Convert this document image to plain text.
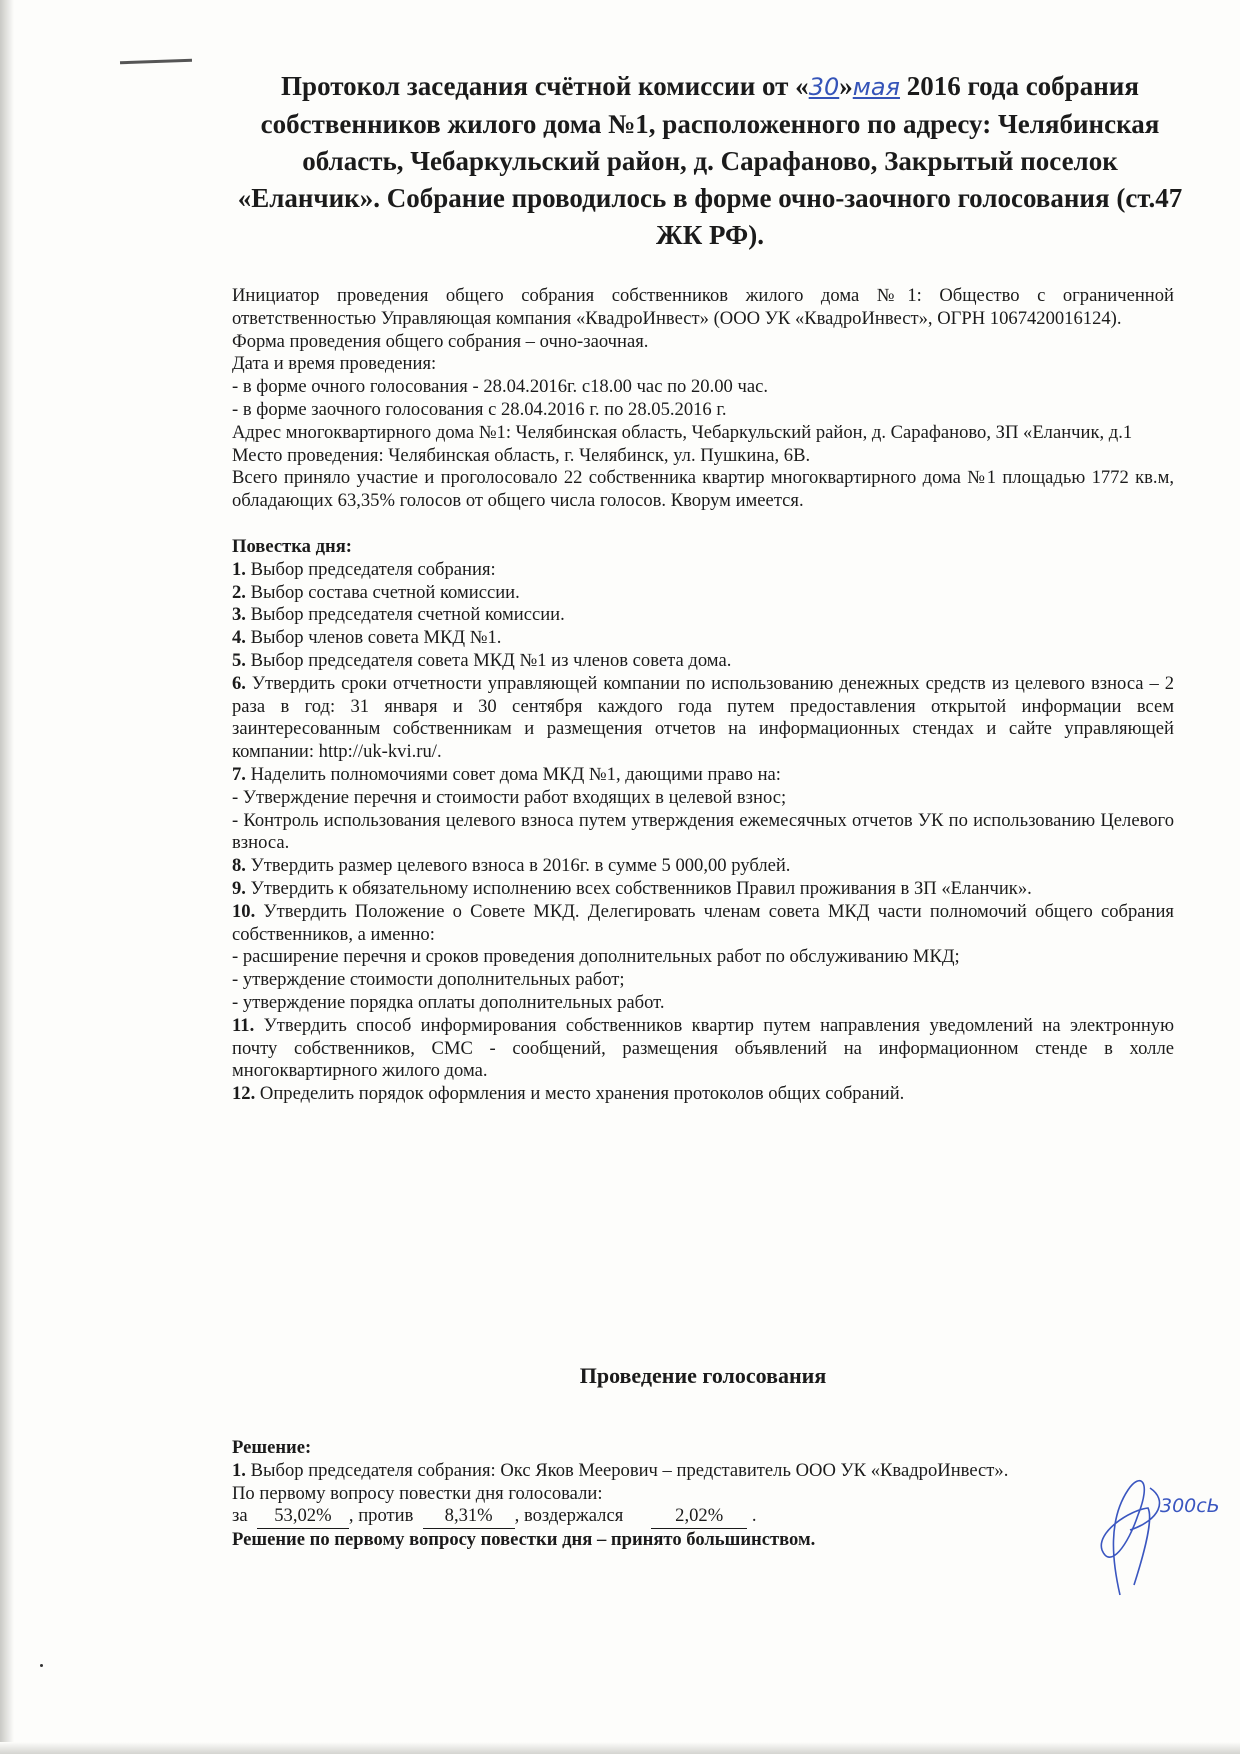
Протокол заседания счётной комиссии от «30»мая 2016 года собрания собственников жилого дома №1, расположенного по адресу: Челябинская область, Чебаркульский район, д. Сарафаново, Закрытый поселок «Еланчик». Собрание проводилось в форме очно-заочного голосования (ст.47 ЖК РФ).

Инициатор проведения общего собрания собственников жилого дома №1: Общество с ограниченной ответственностью Управляющая компания «КвадроИнвест» (ООО УК «КвадроИнвест», ОГРН 1067420016124).

Форма проведения общего собрания – очно-заочная.

Дата и время проведения:

- в форме очного голосования - 28.04.2016г. с18.00 час по 20.00 час.

- в форме заочного голосования с 28.04.2016 г. по 28.05.2016 г.

Адрес многоквартирного дома №1: Челябинская область, Чебаркульский район, д. Сарафаново, ЗП «Еланчик, д.1

Место проведения: Челябинская область, г. Челябинск, ул. Пушкина, 6В.

Всего приняло участие и проголосовало 22 собственника квартир многоквартирного дома №1 площадью 1772 кв.м, обладающих 63,35% голосов от общего числа голосов. Кворум имеется.

Повестка дня:

1. Выбор председателя собрания:

2. Выбор состава счетной комиссии.

3. Выбор председателя счетной комиссии.

4. Выбор членов совета МКД №1.

5. Выбор председателя совета МКД №1 из членов совета дома.

6. Утвердить сроки отчетности управляющей компании по использованию денежных средств из целевого взноса – 2 раза в год: 31 января и 30 сентября каждого года путем предоставления открытой информации всем заинтересованным собственникам и размещения отчетов на информационных стендах и сайте управляющей компании: http://uk-kvi.ru/.

7. Наделить полномочиями совет дома МКД №1, дающими право на:

- Утверждение перечня и стоимости работ входящих в целевой взнос;

- Контроль использования целевого взноса путем утверждения ежемесячных отчетов УК по использованию Целевого взноса.

8. Утвердить размер целевого взноса в 2016г. в сумме 5 000,00 рублей.

9. Утвердить к обязательному исполнению всех собственников Правил проживания в ЗП «Еланчик».

10. Утвердить Положение о Совете МКД. Делегировать членам совета МКД части полномочий общего собрания собственников, а именно:

- расширение перечня и сроков проведения дополнительных работ по обслуживанию МКД;

- утверждение стоимости дополнительных работ;

- утверждение порядка оплаты дополнительных работ.

11. Утвердить способ информирования собственников квартир путем направления уведомлений на электронную почту собственников, СМС - сообщений, размещения объявлений на информационном стенде в холле многоквартирного жилого дома.

12. Определить порядок оформления и место хранения протоколов общих собраний.

Проведение голосования

Решение:

1. Выбор председателя собрания: Окс Яков Меерович – представитель ООО УК «КвадроИнвест».

По первому вопросу повестки дня голосовали:

за 53,02% , против 8,31% , воздержался	2,02% .

Решение по первому вопросу повестки дня – принято большинством.

300сЬ
